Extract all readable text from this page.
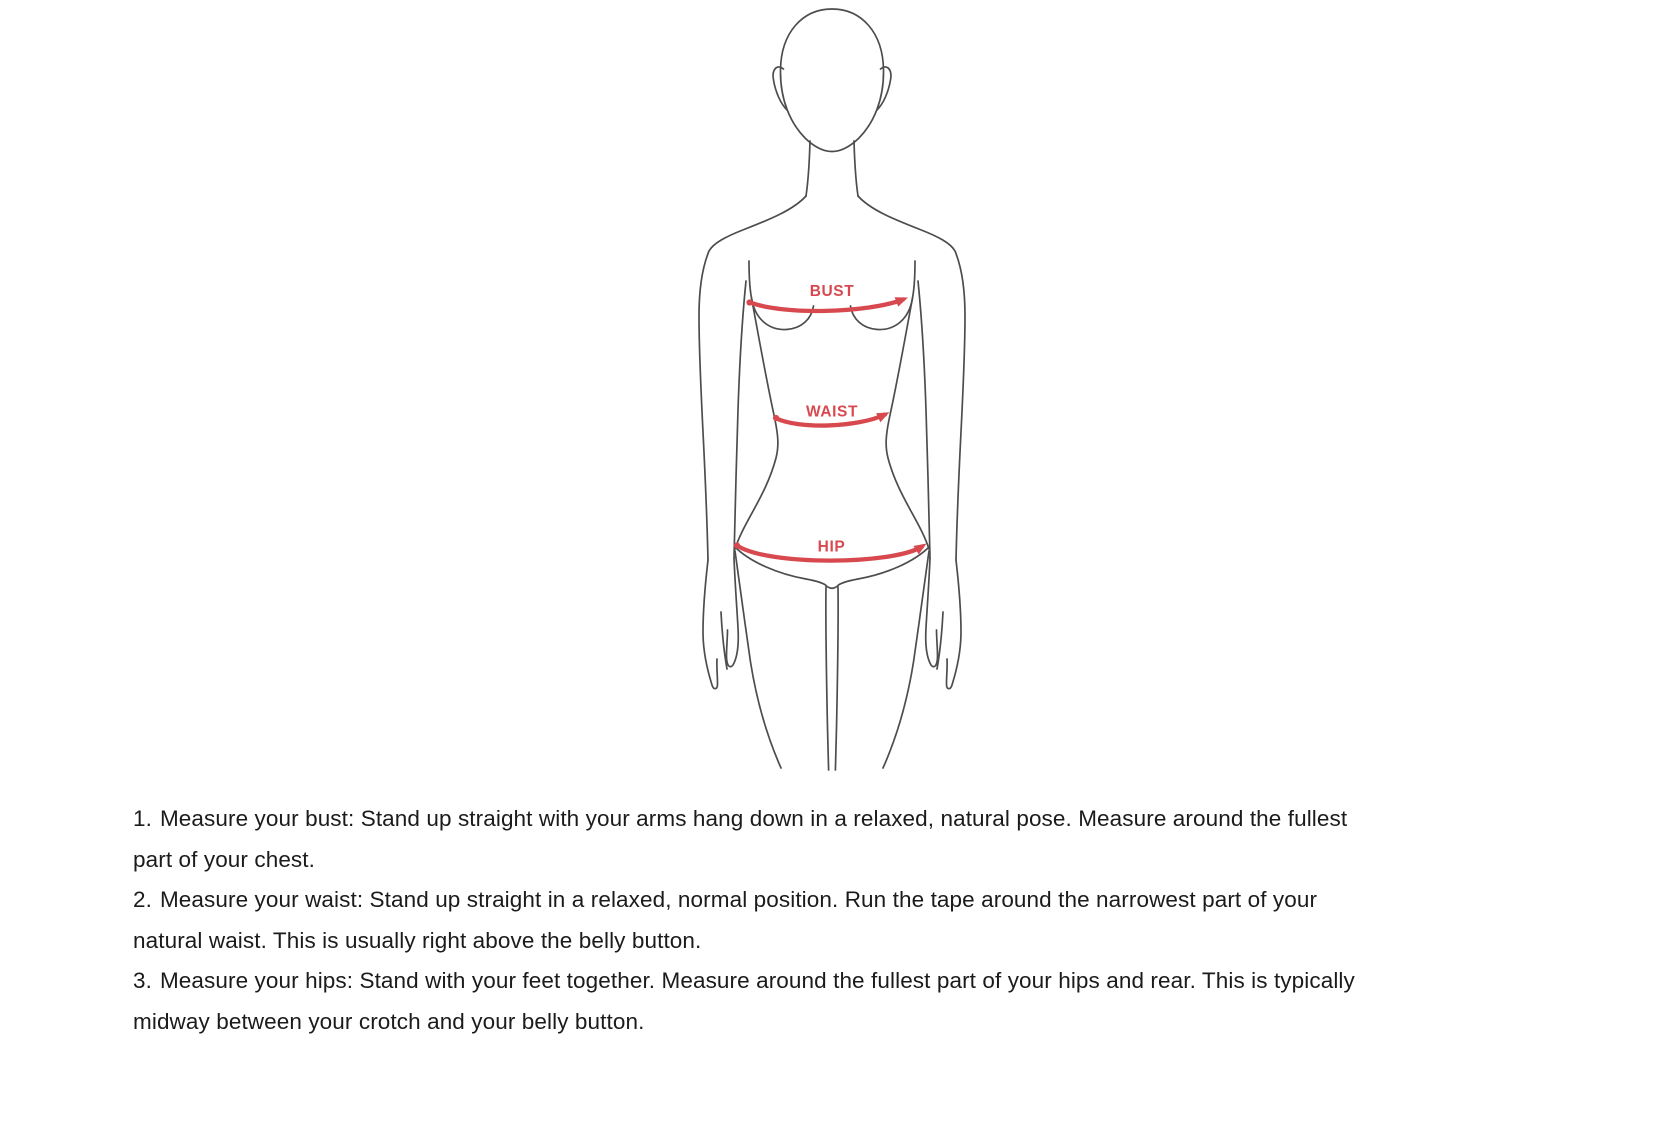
BUST
WAIST
HIP

1. Measure your bust: Stand up straight with your arms hang down in a relaxed, natural pose. Measure around the fullest

part of your chest.

2. Measure your waist: Stand up straight in a relaxed, normal position. Run the tape around the narrowest part of your

natural waist. This is usually right above the belly button.

3. Measure your hips: Stand with your feet together. Measure around the fullest part of your hips and rear. This is typically

midway between your crotch and your belly button.
